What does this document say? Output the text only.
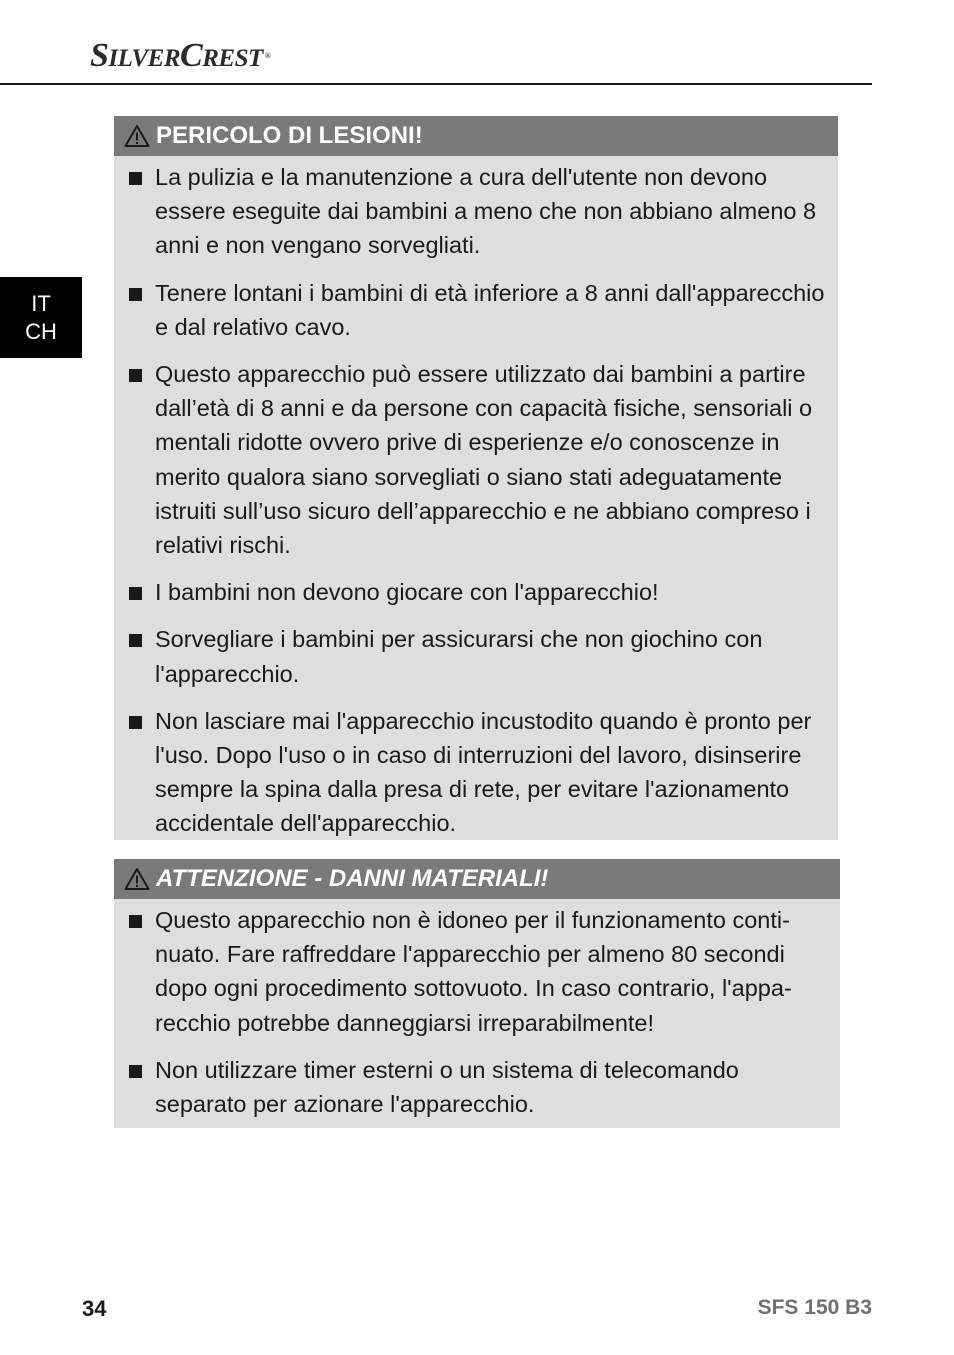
SILVERCREST ®
IT
CH
PERICOLO DI LESIONI!
La pulizia e la manutenzione a cura dell'utente non devono essere eseguite dai bambini a meno che non abbiano almeno 8 anni e non vengano sorvegliati.
Tenere lontani i bambini di età inferiore a 8 anni dall'apparecchio e dal relativo cavo.
Questo apparecchio può essere utilizzato dai bambini a partire dall’età di 8 anni e da persone con capacità fisiche, sensoriali o mentali ridotte ovvero prive di esperienze e/o conoscenze in merito qualora siano sorvegliati o siano stati adeguatamente istruiti sull’uso sicuro dell’apparecchio e ne abbiano compreso i relativi rischi.
I bambini non devono giocare con l'apparecchio!
Sorvegliare i bambini per assicurarsi che non giochino con l'apparecchio.
Non lasciare mai l'apparecchio incustodito quando è pronto per l'uso. Dopo l'uso o in caso di interruzioni del lavoro, disinserire sempre la spina dalla presa di rete, per evitare l'azionamento accidentale dell'apparecchio.
ATTENZIONE - DANNI MATERIALI!
Questo apparecchio non è idoneo per il funzionamento conti-nuato. Fare raffreddare l'apparecchio per almeno 80 secondi dopo ogni procedimento sottovuoto. In caso contrario, l'appa-recchio potrebbe danneggiarsi irreparabilmente!
Non utilizzare timer esterni o un sistema di telecomando separato per azionare l'apparecchio.
34	SFS 150 B3
